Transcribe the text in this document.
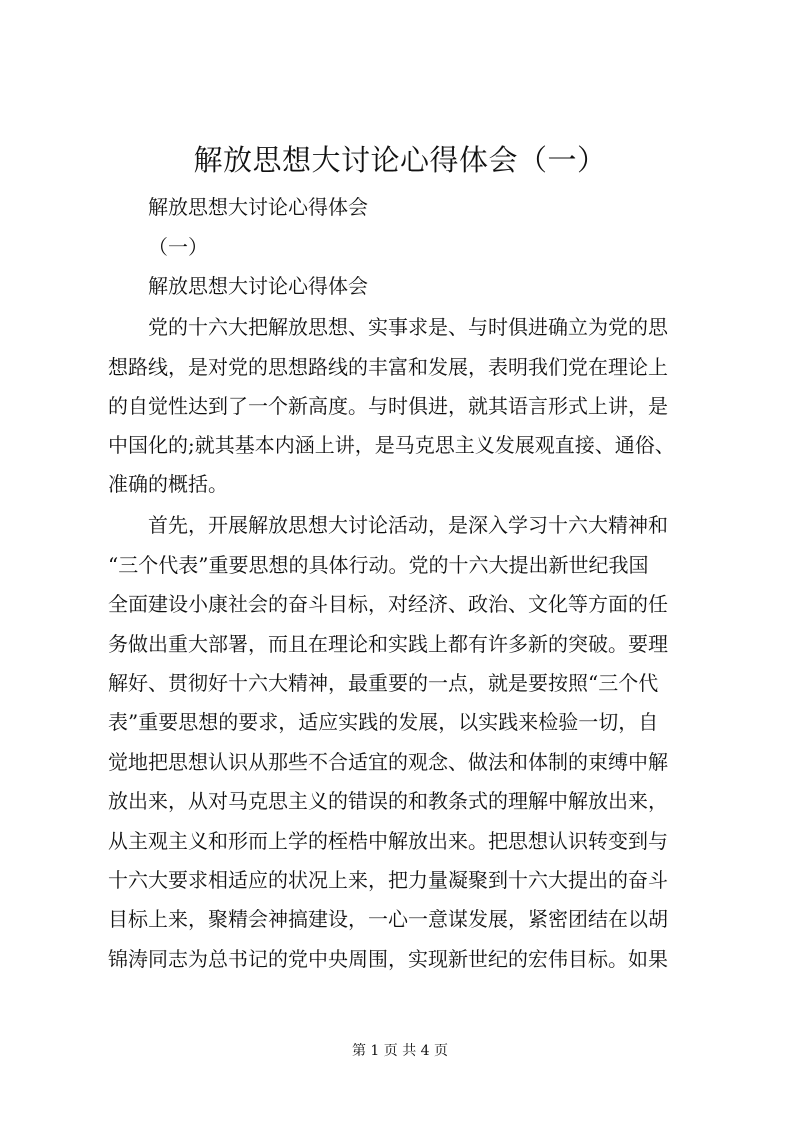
解放思想大讨论心得体会（一）

解放思想大讨论心得体会

（一）

解放思想大讨论心得体会

党的十六大把解放思想、实事求是、与时俱进确立为党的思

想路线，是对党的思想路线的丰富和发展，表明我们党在理论上

的自觉性达到了一个新高度。与时俱进，就其语言形式上讲，是

中国化的;就其基本内涵上讲，是马克思主义发展观直接、通俗、

准确的概括。

首先，开展解放思想大讨论活动，是深入学习十六大精神和

“三个代表”重要思想的具体行动。党的十六大提出新世纪我国

全面建设小康社会的奋斗目标，对经济、政治、文化等方面的任

务做出重大部署，而且在理论和实践上都有许多新的突破。要理

解好、贯彻好十六大精神，最重要的一点，就是要按照“三个代

表”重要思想的要求，适应实践的发展，以实践来检验一切，自

觉地把思想认识从那些不合适宜的观念、做法和体制的束缚中解

放出来，从对马克思主义的错误的和教条式的理解中解放出来，

从主观主义和形而上学的桎梏中解放出来。把思想认识转变到与

十六大要求相适应的状况上来，把力量凝聚到十六大提出的奋斗

目标上来，聚精会神搞建设，一心一意谋发展，紧密团结在以胡

锦涛同志为总书记的党中央周围，实现新世纪的宏伟目标。如果

第 1 页 共 4 页
